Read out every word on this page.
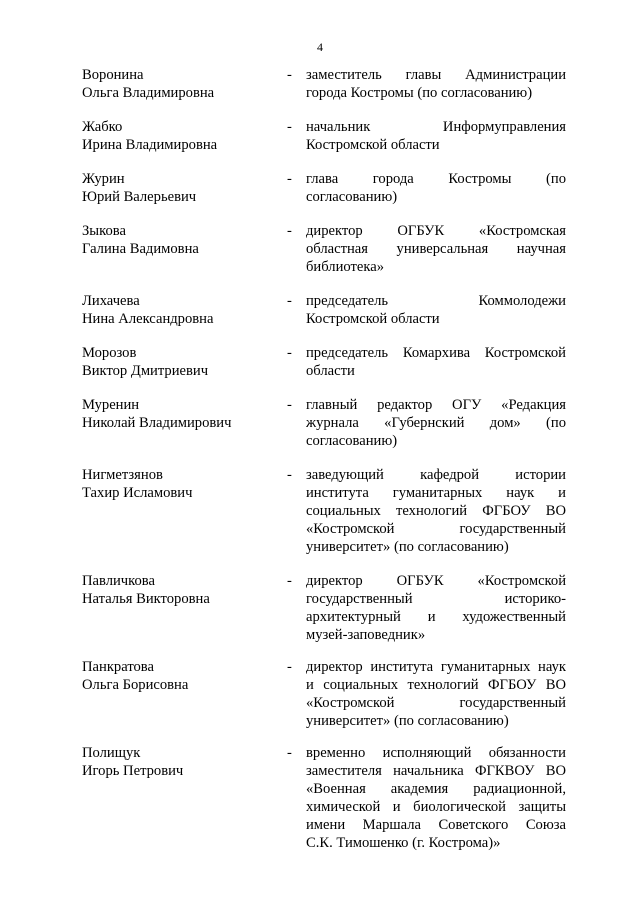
4
Воронина
Ольга Владимировна
- заместитель главы Администрации
города Костромы (по согласованию)
Жабко
Ирина Владимировна
- начальник Информуправления
Костромской области
Журин
Юрий Валерьевич
- глава города Костромы (по
согласованию)
Зыкова
Галина Вадимовна
- директор ОГБУК «Костромская
областная универсальная научная
библиотека»
Лихачева
Нина Александровна
- председатель Коммолодежи
Костромской области
Морозов
Виктор Дмитриевич
- председатель Комархива Костромской
области
Муренин
Николай Владимирович
- главный редактор ОГУ «Редакция
журнала «Губернский дом» (по
согласованию)
Нигметзянов
Тахир Исламович
- заведующий кафедрой истории
института гуманитарных наук и
социальных технологий ФГБОУ ВО
«Костромской государственный
университет» (по согласованию)
Павличкова
Наталья Викторовна
- директор ОГБУК «Костромской
государственный историко-
архитектурный и художественный
музей-заповедник»
Панкратова
Ольга Борисовна
- директор института гуманитарных наук
и социальных технологий ФГБОУ ВО
«Костромской государственный
университет» (по согласованию)
Полищук
Игорь Петрович
- временно исполняющий обязанности
заместителя начальника ФГКВОУ ВО
«Военная академия радиационной,
химической и биологической защиты
имени Маршала Советского Союза
С.К. Тимошенко (г. Кострома)»
